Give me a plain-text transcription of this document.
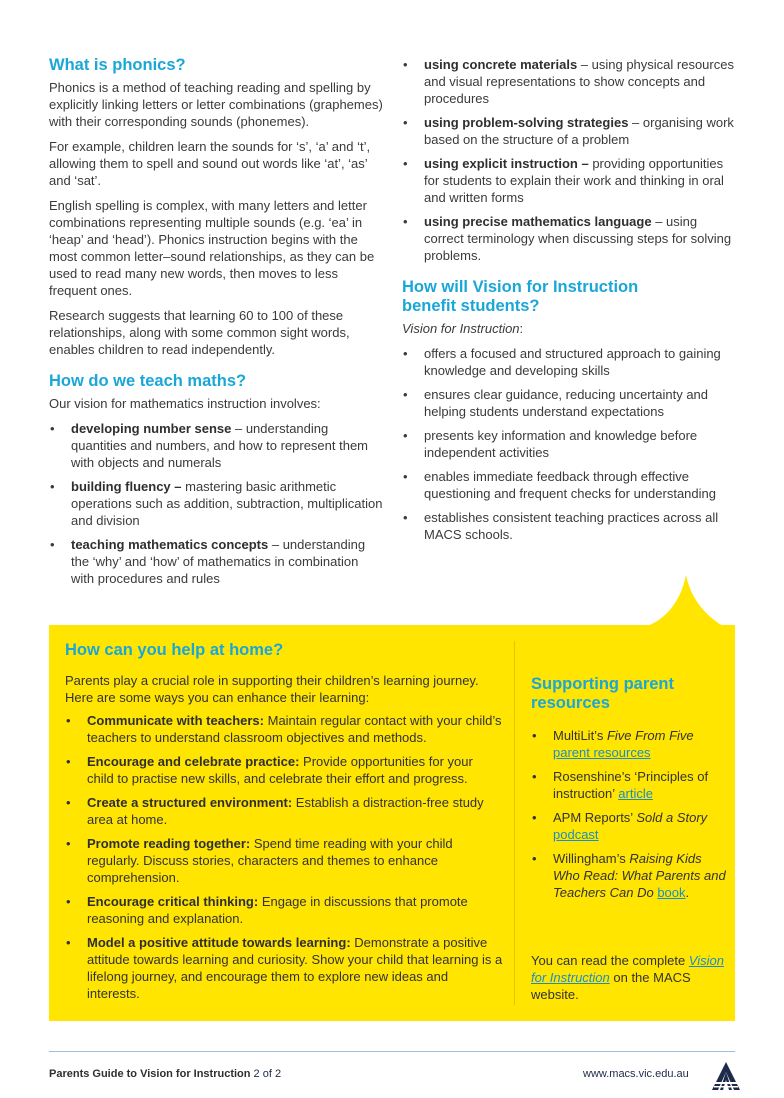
What is phonics?

Phonics is a method of teaching reading and spelling by explicitly linking letters or letter combinations (graphemes) with their corresponding sounds (phonemes).

For example, children learn the sounds for ‘s’, ‘a’ and ‘t’, allowing them to spell and sound out words like ‘at’, ‘as’ and ‘sat’.

English spelling is complex, with many letters and letter combinations representing multiple sounds (e.g. ‘ea’ in ‘heap’ and ‘head’). Phonics instruction begins with the most common letter–sound relationships, as they can be used to read many new words, then moves to less frequent ones.

Research suggests that learning 60 to 100 of these relationships, along with some common sight words, enables children to read independently.

How do we teach maths?

Our vision for mathematics instruction involves:

• developing number sense – understanding quantities and numbers, and how to represent them with objects and numerals
• building fluency – mastering basic arithmetic operations such as addition, subtraction, multiplication and division
• teaching mathematics concepts – understanding the ‘why’ and ‘how’ of mathematics in combination with procedures and rules
• using concrete materials – using physical resources and visual representations to show concepts and procedures
• using problem-solving strategies – organising work based on the structure of a problem
• using explicit instruction – providing opportunities for students to explain their work and thinking in oral and written forms
• using precise mathematics language – using correct terminology when discussing steps for solving problems.
How will Vision for Instruction benefit students?

Vision for Instruction:

• offers a focused and structured approach to gaining knowledge and developing skills
• ensures clear guidance, reducing uncertainty and helping students understand expectations
• presents key information and knowledge before independent activities
• enables immediate feedback through effective questioning and frequent checks for understanding
• establishes consistent teaching practices across all MACS schools.
How can you help at home?

Parents play a crucial role in supporting their children’s learning journey. Here are some ways you can enhance their learning:

• Communicate with teachers: Maintain regular contact with your child’s teachers to understand classroom objectives and methods.
• Encourage and celebrate practice: Provide opportunities for your child to practise new skills, and celebrate their effort and progress.
• Create a structured environment: Establish a distraction-free study area at home.
• Promote reading together: Spend time reading with your child regularly. Discuss stories, characters and themes to enhance comprehension.
• Encourage critical thinking: Engage in discussions that promote reasoning and explanation.
• Model a positive attitude towards learning: Demonstrate a positive attitude towards learning and curiosity. Show your child that learning is a lifelong journey, and encourage them to explore new ideas and interests.
Supporting parent resources
• MultiLit’s Five From Five parent resources
• Rosenshine’s ‘Principles of instruction’ article
• APM Reports’ Sold a Story podcast
• Willingham’s Raising Kids Who Read: What Parents and Teachers Can Do book.
You can read the complete Vision for Instruction on the MACS website.
Parents Guide to Vision for Instruction 2 of 2	www.macs.vic.edu.au
